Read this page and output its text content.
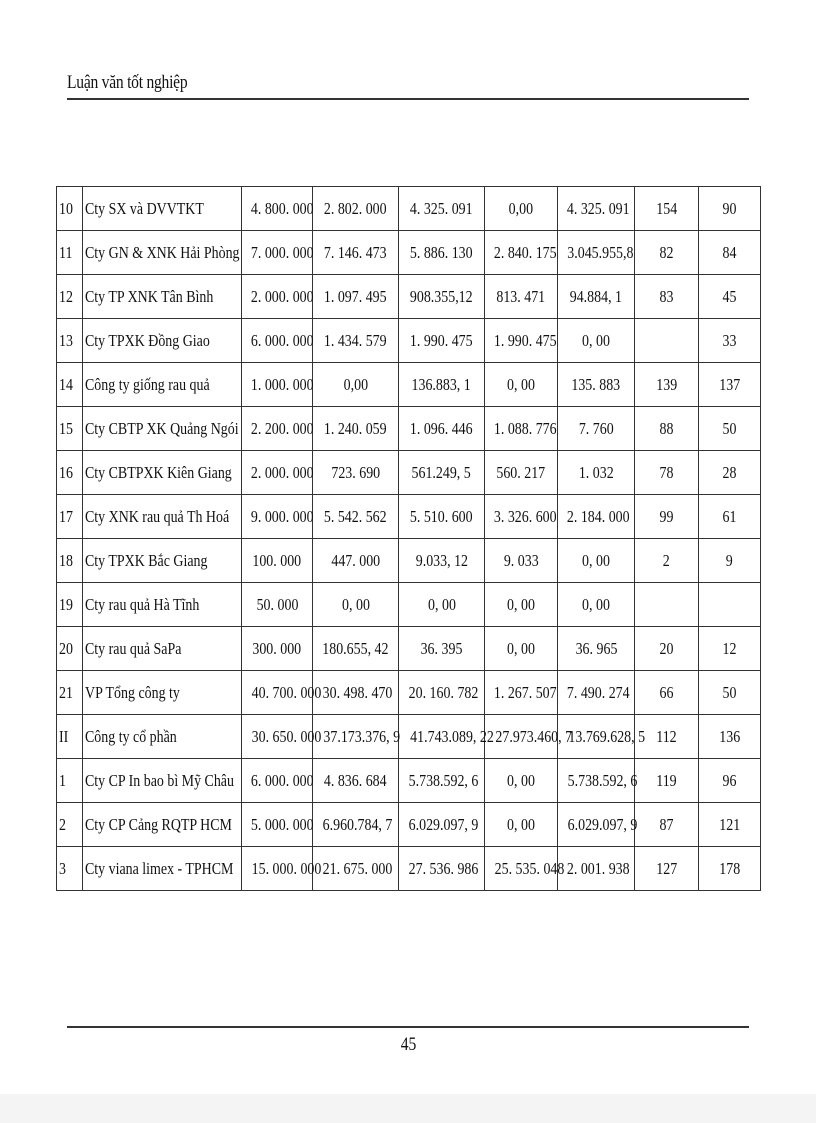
Luận văn tốt nghiệp
10	Cty SX và DVVTKT	4. 800. 000	2. 802. 000	4. 325. 091	0,00	4. 325. 091	154	90
11	Cty GN & XNK Hải Phòng	7. 000. 000	7. 146. 473	5. 886. 130	2. 840. 175	3.045.955,8	82	84
12	Cty TP XNK Tân Bình	2. 000. 000	1. 097. 495	908.355,12	813. 471	94.884, 1	83	45
13	Cty TPXK Đồng Giao	6. 000. 000	1. 434. 579	1. 990. 475	1. 990. 475	0, 00		33
14	Công ty giống rau quả	1. 000. 000	0,00	136.883, 1	0, 00	135. 883	139	137
15	Cty CBTP XK Quảng Ngói	2. 200. 000	1. 240. 059	1. 096. 446	1. 088. 776	7. 760	88	50
16	Cty CBTPXK Kiên Giang	2. 000. 000	723. 690	561.249, 5	560. 217	1. 032	78	28
17	Cty XNK rau quả Th Hoá	9. 000. 000	5. 542. 562	5. 510. 600	3. 326. 600	2. 184. 000	99	61
18	Cty TPXK Bắc Giang	100. 000	447. 000	9.033, 12	9. 033	0, 00	2	9
19	Cty rau quả Hà Tĩnh	50. 000	0, 00	0, 00	0, 00	0, 00		
20	Cty rau quả SaPa	300. 000	180.655, 42	36. 395	0, 00	36. 965	20	12
21	VP Tổng công ty	40. 700. 000	30. 498. 470	20. 160. 782	1. 267. 507	7. 490. 274	66	50
II	Công ty cổ phần	30. 650. 000	37.173.376, 9	41.743.089, 22	27.973.460, 7	13.769.628, 5	112	136
1	Cty CP In bao bì Mỹ Châu	6. 000. 000	4. 836. 684	5.738.592, 6	0, 00	5.738.592, 6	119	96
2	Cty CP Cảng RQTP HCM	5. 000. 000	6.960.784, 7	6.029.097, 9	0, 00	6.029.097, 9	87	121
3	Cty viana limex - TPHCM	15. 000. 000	21. 675. 000	27. 536. 986	25. 535. 048	2. 001. 938	127	178
45
